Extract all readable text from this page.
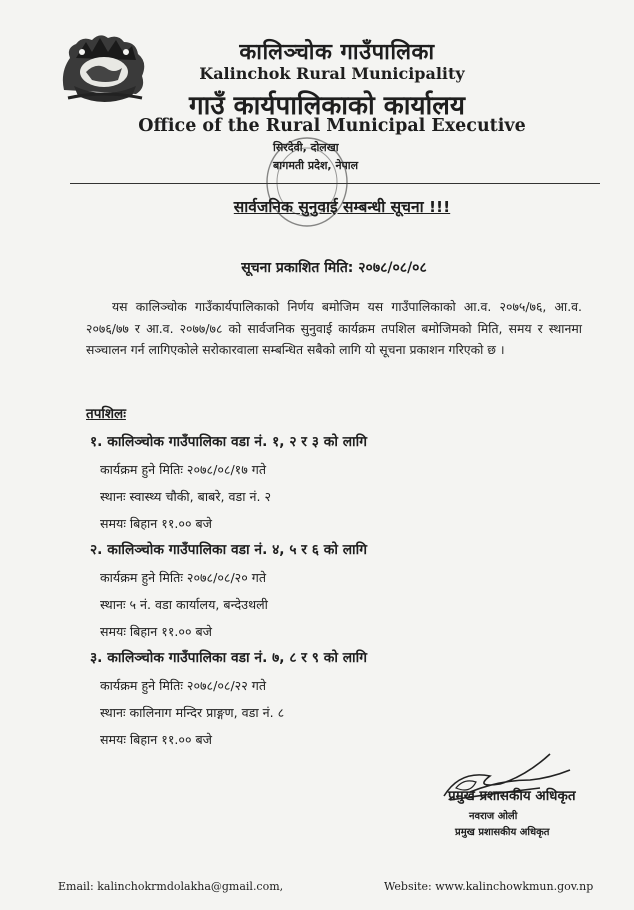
कालिञ्चोक गाउँपालिका
Kalinchok Rural Municipality
गाउँ कार्यपालिकाको कार्यालय
Office of the Rural Municipal Executive
सिरदेवी, दोलखा
बागमती प्रदेश, नेपाल
सार्वजनिक सुनुवाई सम्बन्धी सूचना !!!
सूचना प्रकाशित मिति: २०७८/०८/०८
यस कालिञ्चोक गाउँकार्यपालिकाको निर्णय बमोजिम यस गाउँपालिकाको आ.व. २०७५/७६, आ.व. २०७६/७७ र आ.व. २०७७/७८ को सार्वजनिक सुनुवाई कार्यक्रम तपशिल बमोजिमको मिति, समय र स्थानमा सञ्चालन गर्न लागिएकोले सरोकारवाला सम्बन्धित सबैको लागि यो सूचना प्रकाशन गरिएको छ ।
तपशिलः
१. कालिञ्चोक गाउँपालिका वडा नं. १, २ र ३ को लागि
कार्यक्रम हुने मितिः २०७८/०८/१७ गते
स्थानः स्वास्थ्य चौकी, बाबरे, वडा नं. २
समयः बिहान ११.०० बजे
२. कालिञ्चोक गाउँपालिका वडा नं. ४, ५ र ६ को लागि
कार्यक्रम हुने मितिः २०७८/०८/२० गते
स्थानः ५ नं. वडा कार्यालय, बन्देउथली
समयः बिहान ११.०० बजे
३. कालिञ्चोक गाउँपालिका वडा नं. ७, ८ र ९ को लागि
कार्यक्रम हुने मितिः २०७८/०८/२२ गते
स्थानः कालिनाग मन्दिर प्राङ्गण, वडा नं. ८
समयः बिहान ११.०० बजे
प्रमुख प्रशासकीय अधिकृत
नवराज ओली
प्रमुख प्रशासकीय अधिकृत
Email: kalinchokrmdolakha@gmail.com,	Website: www.kalinchowkmun.gov.np
